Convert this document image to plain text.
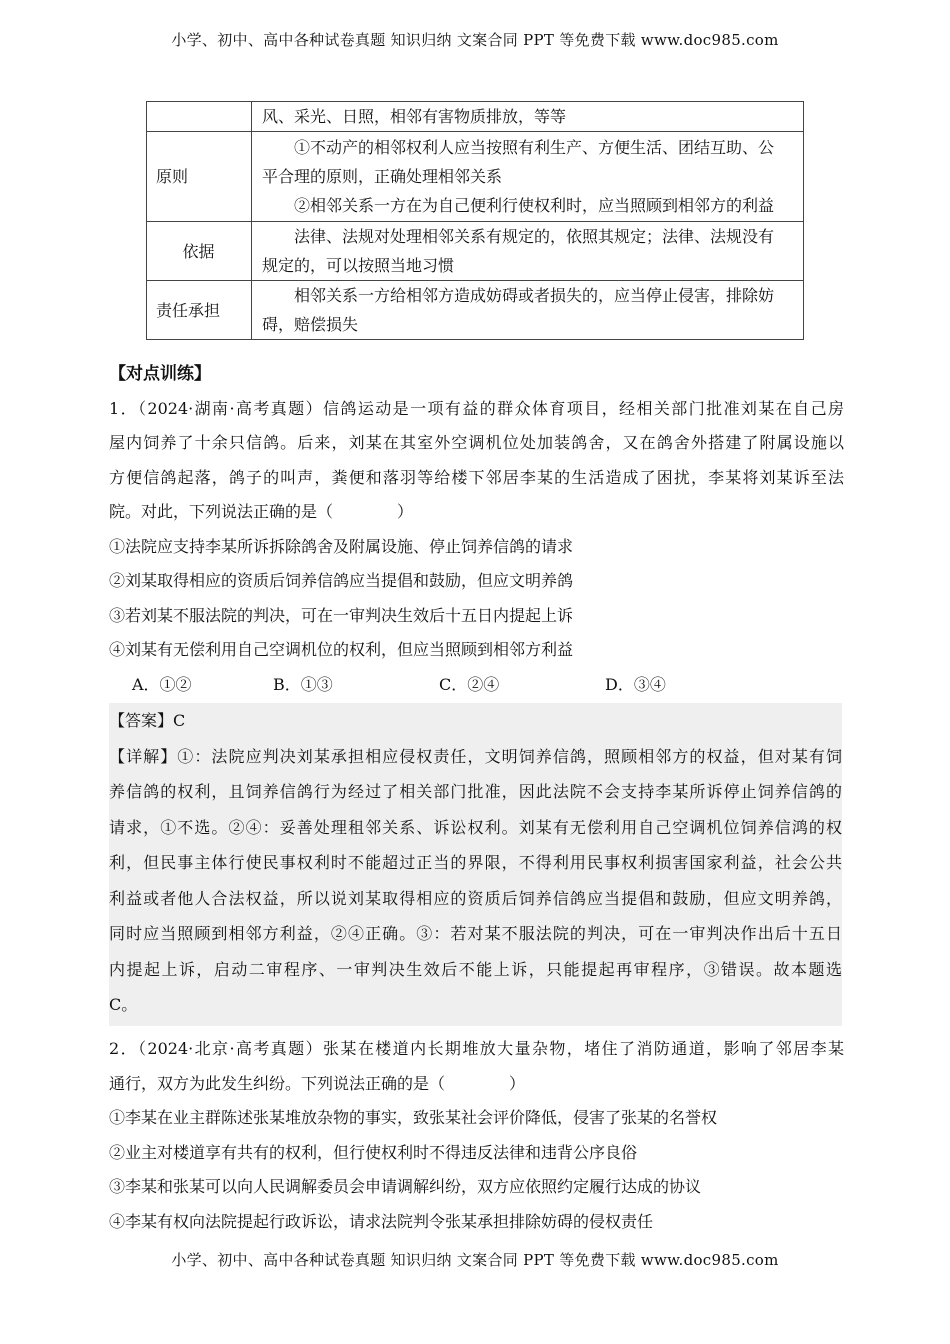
小学、初中、高中各种试卷真题 知识归纳 文案合同 PPT 等免费下载 www.doc985.com

	风、采光、日照，相邻有害物质排放，等等

原则	①不动产的相邻权利人应当按照有利生产、方便生活、团结互助、公
平合理的原则，正确处理相邻关系
②相邻关系一方在为自己便利行使权利时，应当照顾到相邻方的利益

依据	法律、法规对处理相邻关系有规定的，依照其规定；法律、法规没有
规定的，可以按照当地习惯

责任承担	相邻关系一方给相邻方造成妨碍或者损失的，应当停止侵害，排除妨
碍，赔偿损失
【对点训练】
1．（2024·湖南·高考真题）信鸽运动是一项有益的群众体育项目，经相关部门批准刘某在自己房
屋内饲养了十余只信鸽。后来，刘某在其室外空调机位处加装鸽舍，又在鸽舍外搭建了附属设施以
方便信鸽起落，鸽子的叫声，粪便和落羽等给楼下邻居李某的生活造成了困扰，李某将刘某诉至法
院。对此，下列说法正确的是（　　　　）
①法院应支持李某所诉拆除鸽舍及附属设施、停止饲养信鸽的请求
②刘某取得相应的资质后饲养信鸽应当提倡和鼓励，但应文明养鸽
③若刘某不服法院的判决，可在一审判决生效后十五日内提起上诉
④刘某有无偿利用自己空调机位的权利，但应当照顾到相邻方利益
A．①②	B．①③	C．②④	D．③④
【答案】C
【详解】①：法院应判决刘某承担相应侵权责任，文明饲养信鸽，照顾相邻方的权益，但对某有饲
养信鸽的权利，且饲养信鸽行为经过了相关部门批准，因此法院不会支持李某所诉停止饲养信鸽的
请求，①不选。②④：妥善处理租邻关系、诉讼权利。刘某有无偿利用自己空调机位饲养信鸿的权
利，但民事主体行使民事权利时不能超过正当的界限，不得利用民事权利损害国家利益，社会公共
利益或者他人合法权益，所以说刘某取得相应的资质后饲养信鸽应当提倡和鼓励，但应文明养鸽，
同时应当照顾到相邻方利益，②④正确。③：若对某不服法院的判决，可在一审判决作出后十五日
内提起上诉，启动二审程序、一审判决生效后不能上诉，只能提起再审程序，③错误。故本题选
C。
2．（2024·北京·高考真题）张某在楼道内长期堆放大量杂物，堵住了消防通道，影响了邻居李某
通行，双方为此发生纠纷。下列说法正确的是（　　　　）
①李某在业主群陈述张某堆放杂物的事实，致张某社会评价降低，侵害了张某的名誉权
②业主对楼道享有共有的权利，但行使权利时不得违反法律和违背公序良俗
③李某和张某可以向人民调解委员会申请调解纠纷，双方应依照约定履行达成的协议
④李某有权向法院提起行政诉讼，请求法院判令张某承担排除妨碍的侵权责任
小学、初中、高中各种试卷真题 知识归纳 文案合同 PPT 等免费下载 www.doc985.com
